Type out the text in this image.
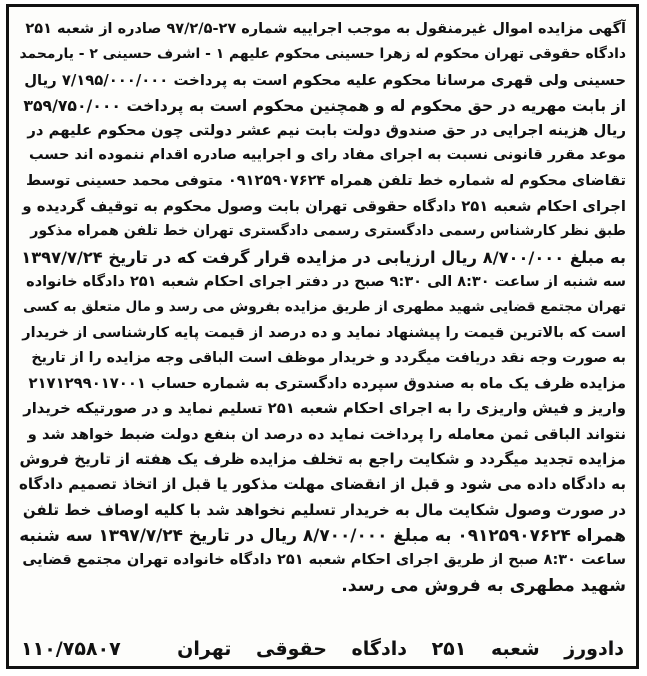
آگهی مزایده اموال غیرمنقول به موجب اجراییه شماره ۲۷-۹۷/۲/۵ صادره از شعبه ۲۵۱
دادگاه حقوقی تهران محکوم له زهرا حسینی محکوم علیهم ۱ - اشرف حسینی ۲ - یارمحمد
حسینی ولی قهری مرسانا محکوم علیه محکوم است به پرداخت ۷/۱۹۵/۰۰۰/۰۰۰ ریال
از بابت مهریه در حق محکوم له و همچنین محکوم است به پرداخت ۳۵۹/۷۵۰/۰۰۰
ریال هزینه اجرایی در حق صندوق دولت بابت نیم عشر دولتی چون محکوم علیهم در
موعد مقرر قانونی نسبت به اجرای مفاد رای و اجراییه صادره اقدام ننموده اند حسب
تقاضای محکوم له شماره خط تلفن همراه ۰۹۱۲۵۹۰۷۶۲۴ متوفی محمد حسینی توسط
اجرای احکام شعبه ۲۵۱ دادگاه حقوقی تهران بابت وصول محکوم به توقیف گردیده و
طبق نظر کارشناس رسمی دادگستری رسمی دادگستری تهران خط تلفن همراه مذکور
به مبلغ ۸/۷۰۰/۰۰۰ ریال ارزیابی در مزایده قرار گرفت که در تاریخ ۱۳۹۷/۷/۲۴
سه شنبه از ساعت ۸:۳۰ الی ۹:۳۰ صبح در دفتر اجرای احکام شعبه ۲۵۱ دادگاه خانواده
تهران مجتمع قضایی شهید مطهری از طریق مزایده بفروش می رسد و مال متعلق به کسی
است که بالاترین قیمت را پیشنهاد نماید و ده درصد از قیمت پایه کارشناسی از خریدار
به صورت وجه نقد دریافت میگردد و خریدار موظف است الباقی وجه مزایده را از تاریخ
مزایده ظرف یک ماه به صندوق سپرده دادگستری به شماره حساب ۲۱۷۱۲۹۹۰۱۷۰۰۱
واریز و فیش واریزی را به اجرای احکام شعبه ۲۵۱ تسلیم نماید و در صورتیکه خریدار
نتواند الباقی ثمن معامله را پرداخت نماید ده درصد ان بنفع دولت ضبط خواهد شد و
مزایده تجدید میگردد و شکایت راجع به تخلف مزایده ظرف یک هفته از تاریخ فروش
به دادگاه داده می شود و قبل از انقضای مهلت مذکور یا قبل از اتخاذ تصمیم دادگاه
در صورت وصول شکایت مال به خریدار تسلیم نخواهد شد با کلیه اوصاف خط تلفن
همراه ۰۹۱۲۵۹۰۷۶۲۴ به مبلغ ۸/۷۰۰/۰۰۰ ریال در تاریخ ۱۳۹۷/۷/۲۴ سه شنبه
ساعت ۸:۳۰ صبح از طریق اجرای احکام شعبه ۲۵۱ دادگاه خانواده تهران مجتمع قضایی
شهید مطهری به فروش می رسد.
دادورز شعبه ۲۵۱ دادگاه حقوقی تهران
۱۱۰/۷۵۸۰۷
